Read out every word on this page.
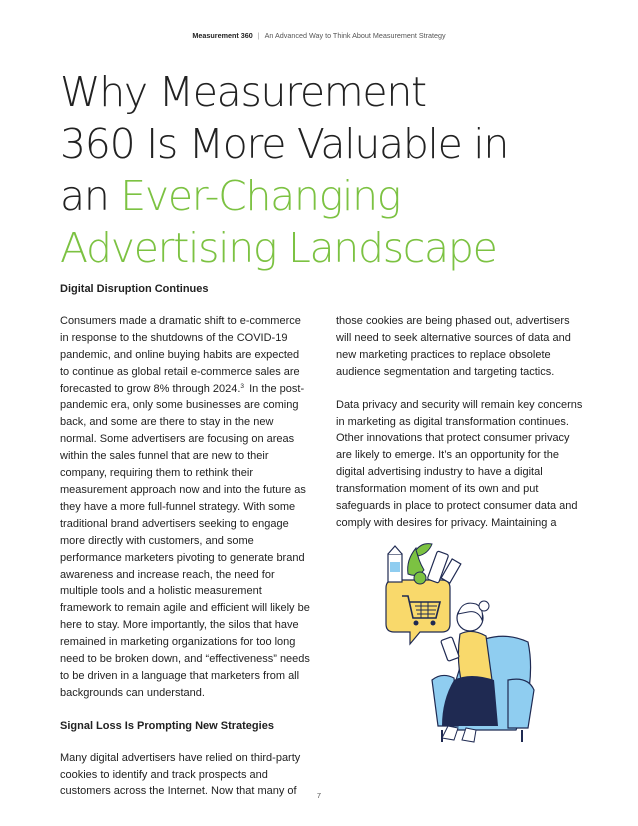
Measurement 360 | An Advanced Way to Think About Measurement Strategy
Why Measurement
360 Is More Valuable in
an Ever-Changing
Advertising Landscape
Digital Disruption Continues

Consumers made a dramatic shift to e-commerce in response to the shutdowns of the COVID-19 pandemic, and online buying habits are expected to continue as global retail e-commerce sales are forecasted to grow 8% through 2024.$^3$ In the post-pandemic era, only some businesses are coming back, and some are there to stay in the new normal. Some advertisers are focusing on areas within the sales funnel that are new to their company, requiring them to rethink their measurement approach now and into the future as they have a more full-funnel strategy. With some traditional brand advertisers seeking to engage more directly with customers, and some performance marketers pivoting to generate brand awareness and increase reach, the need for multiple tools and a holistic measurement framework to remain agile and efficient will likely be here to stay. More importantly, the silos that have remained in marketing organizations for too long need to be broken down, and “effectiveness” needs to be driven in a language that marketers from all backgrounds can understand.

Signal Loss Is Prompting New Strategies

Many digital advertisers have relied on third-party cookies to identify and track prospects and customers across the Internet. Now that many of

those cookies are being phased out, advertisers will need to seek alternative sources of data and new marketing practices to replace obsolete audience segmentation and targeting tactics.

Data privacy and security will remain key concerns in marketing as digital transformation continues. Other innovations that protect consumer privacy are likely to emerge. It’s an opportunity for the digital advertising industry to have a digital transformation moment of its own and put safeguards in place to protect consumer data and comply with desires for privacy. Maintaining a

7
